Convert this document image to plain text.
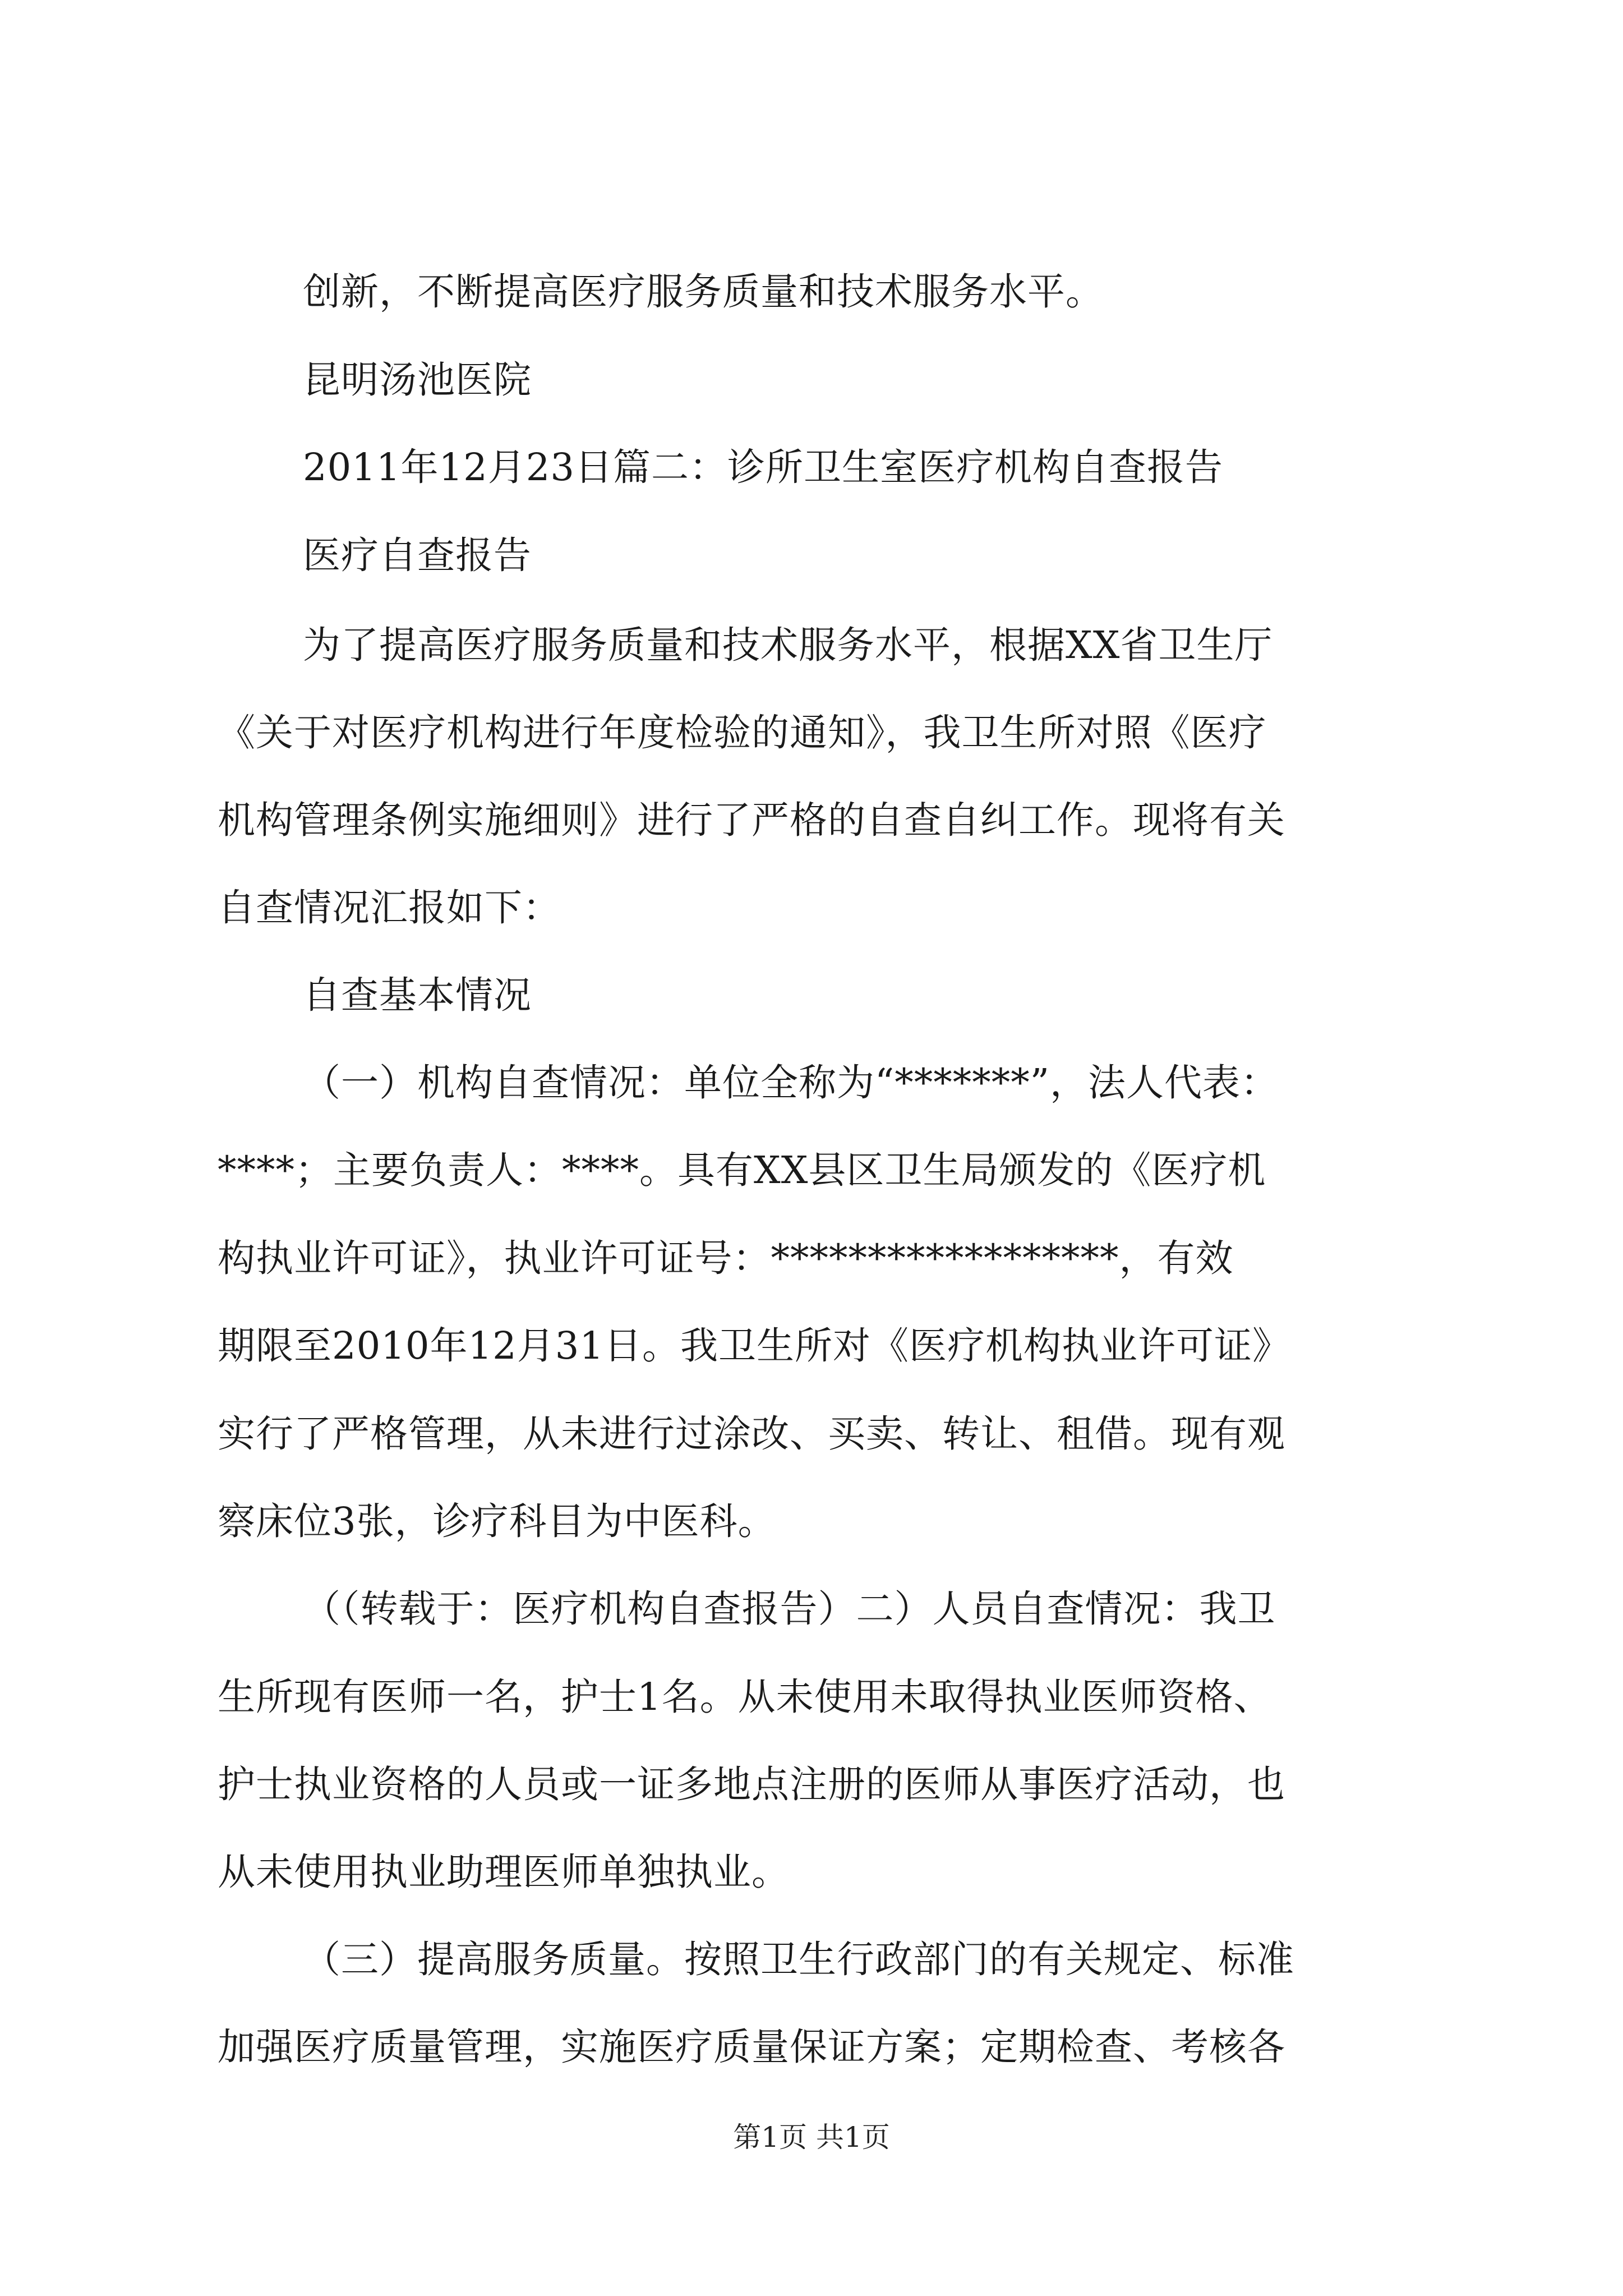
创新，不断提高医疗服务质量和技术服务水平。
昆明汤池医院
2011年12月23日篇二：诊所卫生室医疗机构自查报告
医疗自查报告
为了提高医疗服务质量和技术服务水平，根据XX省卫生厅
《关于对医疗机构进行年度检验的通知》，我卫生所对照《医疗
机构管理条例实施细则》进行了严格的自查自纠工作。现将有关
自查情况汇报如下：
自查基本情况
（一）机构自查情况：单位全称为“*******”，法人代表：
****；主要负责人：****。具有XX县区卫生局颁发的《医疗机
构执业许可证》，执业许可证号：******************，有效
期限至2010年12月31日。我卫生所对《医疗机构执业许可证》
实行了严格管理，从未进行过涂改、买卖、转让、租借。现有观
察床位3张，诊疗科目为中医科。
（（转载于：医疗机构自查报告）二）人员自查情况：我卫
生所现有医师一名，护士1名。从未使用未取得执业医师资格、
护士执业资格的人员或一证多地点注册的医师从事医疗活动，也
从未使用执业助理医师单独执业。
（三）提高服务质量。按照卫生行政部门的有关规定、标准
加强医疗质量管理，实施医疗质量保证方案；定期检查、考核各
第1页 共1页
